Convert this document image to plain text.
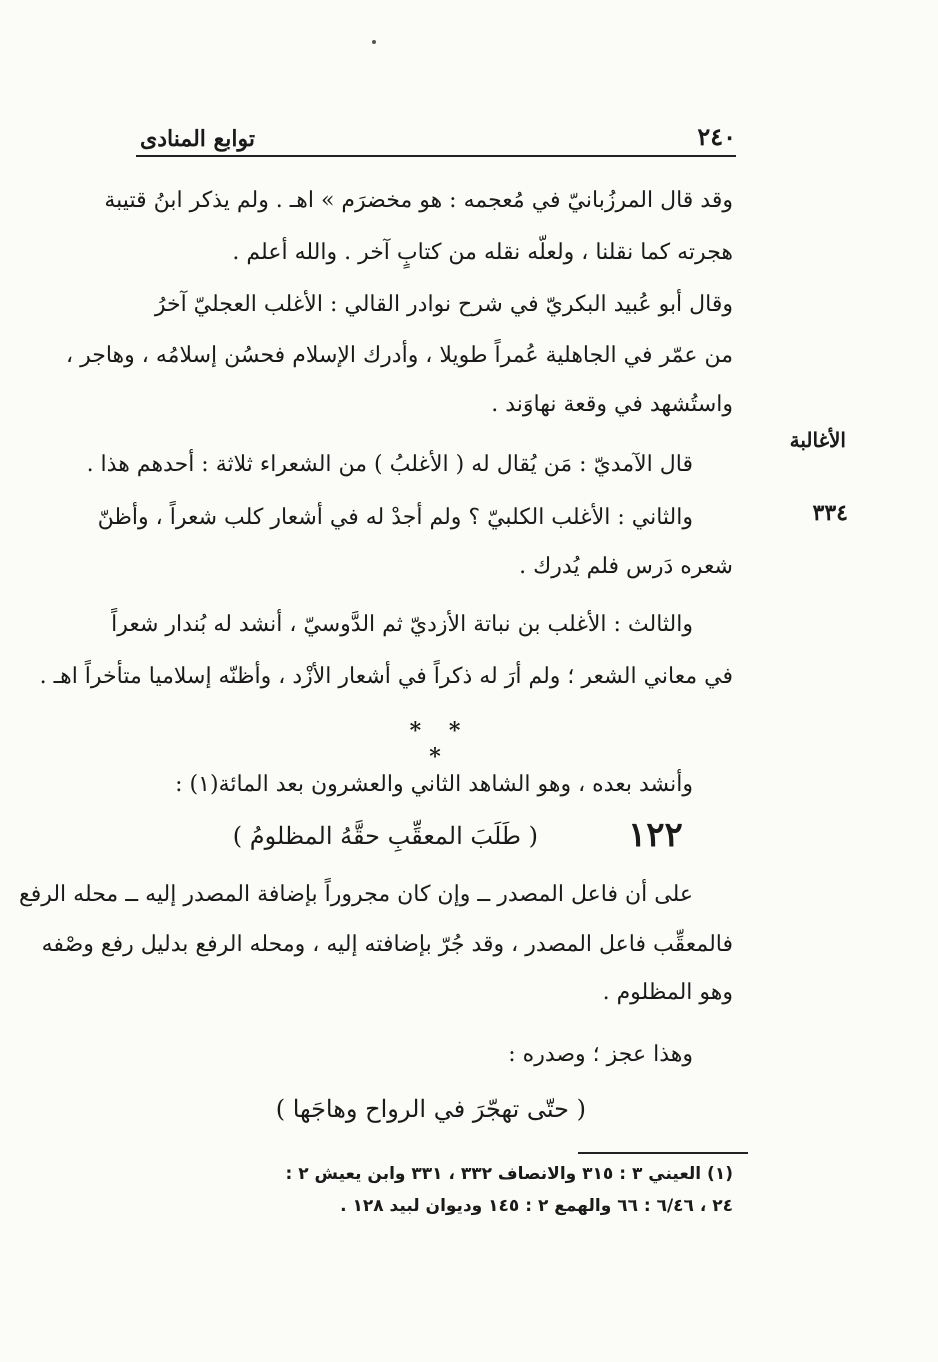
٢٤٠
توابع المنادى
وقد قال المرزُبانيّ في مُعجمه : هو مخضرَم » اهـ . ولم يذكر ابنُ قتيبة
هجرته كما نقلنا ، ولعلّه نقله من كتابٍ آخر . والله أعلم .
وقال أبو عُبيد البكريّ في شرح نوادر القالي : الأغلب العجليّ آخرُ
من عمّر في الجاهلية عُمراً طويلا ، وأدرك الإسلام فحسُن إسلامُه ، وهاجر ،
واستُشهد في وقعة نهاوَند .
الأغالبة
٣٣٤
قال الآمديّ : مَن يُقال له ( الأغلبُ ) من الشعراء ثلاثة : أحدهم هذا .
والثاني : الأغلب الكلبيّ ؟ ولم أجدْ له في أشعار كلب شعراً ، وأظنّ
شعره دَرس فلم يُدرك .
والثالث : الأغلب بن نباتة الأزديّ ثم الدَّوسيّ ، أنشد له بُندار شعراً
في معاني الشعر ؛ ولم أرَ له ذكراً في أشعار الأزْد ، وأظنّه إسلاميا متأخراً اهـ .
* * *
وأنشد بعده ، وهو الشاهد الثاني والعشرون بعد المائة(١) :
١٢٢
( طَلَبَ المعقِّبِ حقَّهُ المظلومُ )
على أن فاعل المصدر ــ وإن كان مجروراً بإضافة المصدر إليه ــ محله الرفع
فالمعقِّب فاعل المصدر ، وقد جُرّ بإضافته إليه ، ومحله الرفع بدليل رفع وصْفه
وهو المظلوم .
وهذا عجز ؛ وصدره :
( حتّى تهجّرَ في الرواح وهاجَها )
(١) العيني ٣ : ٣١٥ والانصاف ٣٣٢ ، ٣٣١ وابن يعيش ٢ :
٢٤ ، ٦/٤٦ : ٦٦ والهمع ٢ : ١٤٥ وديوان لبيد ١٢٨ .
